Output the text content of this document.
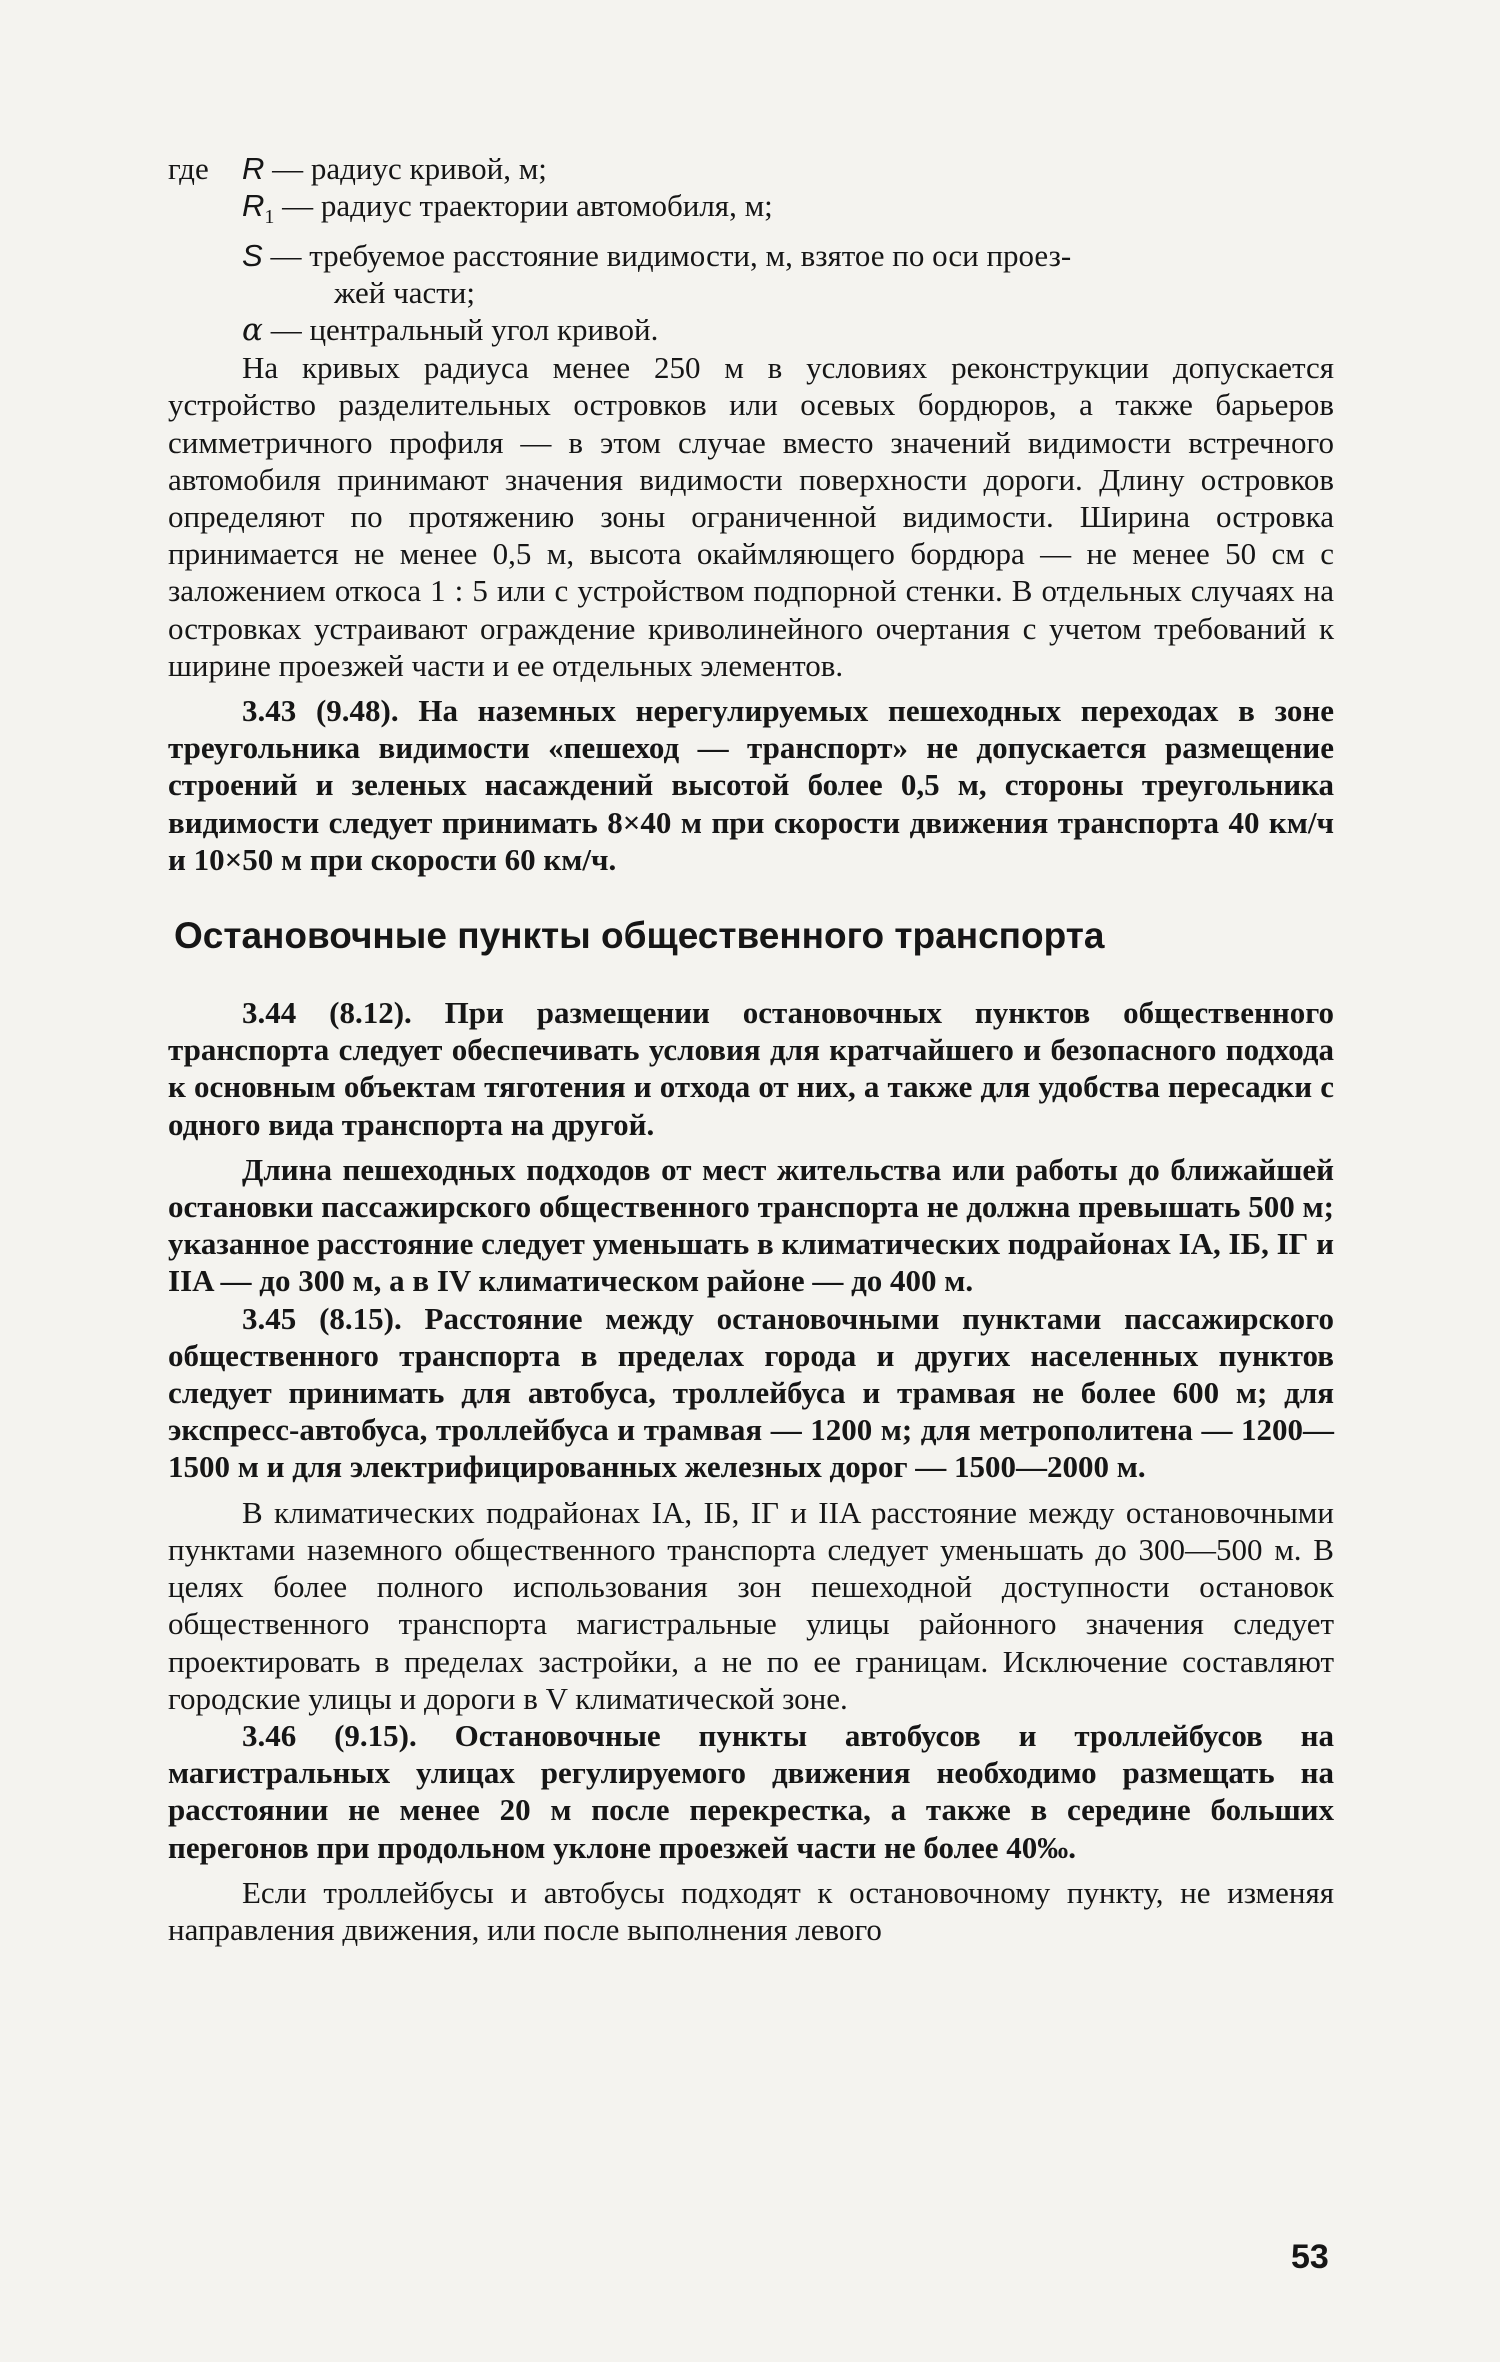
где	R — радиус кривой, м;
$R_1$ — радиус траектории автомобиля, м;
S — требуемое расстояние видимости, м, взятое по оси проез-
жей части;
α — центральный угол кривой.

На кривых радиуса менее 250 м в условиях реконструкции допускается устройство разделительных островков или осевых бордюров, а также барьеров симметричного профиля — в этом случае вместо значений видимости встречного автомобиля принимают значения видимости поверхности дороги. Длину островков определяют по протяжению зоны ограниченной видимости. Ширина островка принимается не менее 0,5 м, высота окаймляющего бордюра — не менее 50 см с заложением откоса 1 : 5 или с устройством подпорной стенки. В отдельных случаях на островках устраивают ограждение криволинейного очертания с учетом требований к ширине проезжей части и ее отдельных элементов.

3.43 (9.48). На наземных нерегулируемых пешеходных переходах в зоне треугольника видимости «пешеход — транспорт» не допускается размещение строений и зеленых насаждений высотой более 0,5 м, стороны треугольника видимости следует принимать 8×40 м при скорости движения транспорта 40 км/ч и 10×50 м при скорости 60 км/ч.

Остановочные пункты общественного транспорта

3.44 (8.12). При размещении остановочных пунктов общественного транспорта следует обеспечивать условия для кратчайшего и безопасного подхода к основным объектам тяготения и отхода от них, а также для удобства пересадки с одного вида транспорта на другой.

Длина пешеходных подходов от мест жительства или работы до ближайшей остановки пассажирского общественного транспорта не должна превышать 500 м; указанное расстояние следует уменьшать в климатических подрайонах IA, IБ, IГ и IIA — до 300 м, а в IV климатическом районе — до 400 м.

3.45 (8.15). Расстояние между остановочными пунктами пассажирского общественного транспорта в пределах города и других населенных пунктов следует принимать для автобуса, троллейбуса и трамвая не более 600 м; для экспресс-автобуса, троллейбуса и трамвая — 1200 м; для метрополитена — 1200—1500 м и для электрифицированных железных дорог — 1500—2000 м.

В климатических подрайонах IA, IБ, IГ и IIA расстояние между остановочными пунктами наземного общественного транспорта следует уменьшать до 300—500 м. В целях более полного использования зон пешеходной доступности остановок общественного транспорта магистральные улицы районного значения следует проектировать в пределах застройки, а не по ее границам. Исключение составляют городские улицы и дороги в V климатической зоне.

3.46 (9.15). Остановочные пункты автобусов и троллейбусов на магистральных улицах регулируемого движения необходимо размещать на расстоянии не менее 20 м после перекрестка, а также в середине больших перегонов при продольном уклоне проезжей части не более 40‰.

Если троллейбусы и автобусы подходят к остановочному пункту, не изменяя направления движения, или после выполнения левого

53
